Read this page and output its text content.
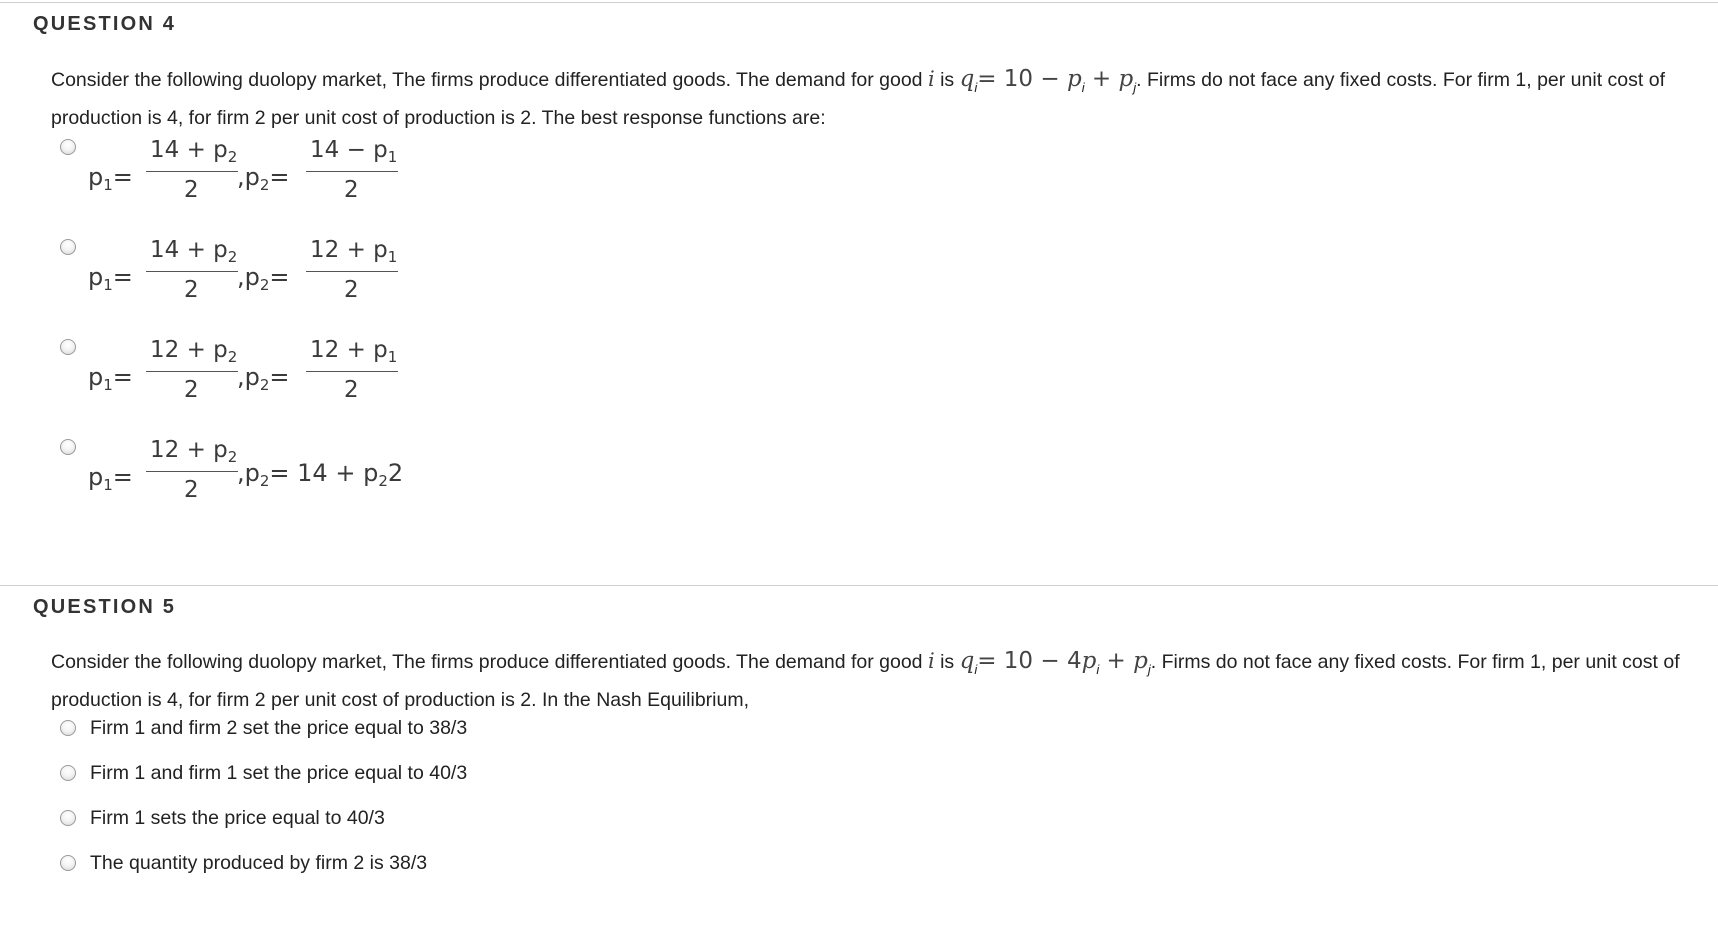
QUESTION 4
Consider the following duolopy market, The firms produce differentiated goods. The demand for good i is $q_i= 10 - p_i + p_j$. Firms do not face any fixed costs. For firm 1, per unit cost of production is 4, for firm 2 per unit cost of production is 2. The best response functions are:
$p_1=$
$14 + p_2$
2 $,p_2=$
$14 - p_1$
2
$p_1=$
$14 + p_2$
2 $,p_2=$
$12 + p_1$
2
$p_1=$
$12 + p_2$
2 $,p_2=$
$12 + p_1$
2
$p_1=$
$12 + p_2$
2
$,p_2= 14 + p_22$
QUESTION 5
Consider the following duolopy market, The firms produce differentiated goods. The demand for good i is $q_i= 10 - 4p_i + p_j$. Firms do not face any fixed costs. For firm 1, per unit cost of production is 4, for firm 2 per unit cost of production is 2. In the Nash Equilibrium,
Firm 1 and firm 2 set the price equal to 38/3
Firm 1 and firm 1 set the price equal to 40/3
Firm 1 sets the price equal to 40/3
The quantity produced by firm 2 is 38/3
